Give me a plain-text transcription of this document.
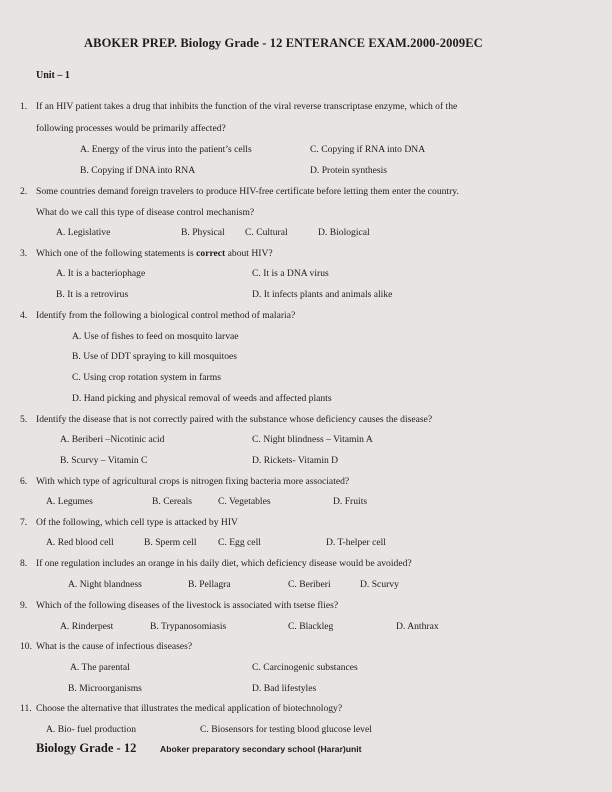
ABOKER PREP. Biology Grade - 12 ENTERANCE EXAM.2000-2009EC
Unit – 1
1. If an HIV patient takes a drug that inhibits the function of the viral reverse transcriptase enzyme, which of the
following processes would be primarily affected?
A. Energy of the virus into the patient’s cells	C. Copying if RNA into DNA
B. Copying if DNA into RNA	D. Protein synthesis
2. Some countries demand foreign travelers to produce HIV-free certificate before letting them enter the country.
What do we call this type of disease control mechanism?
A. Legislative	B. Physical C. Cultural	D. Biological
3. Which one of the following statements is correct about HIV?
A. It is a bacteriophage	C. It is a DNA virus
B. It is a retrovirus	D. It infects plants and animals alike
4. Identify from the following a biological control method of malaria?
A. Use of fishes to feed on mosquito larvae
B. Use of DDT spraying to kill mosquitoes
C. Using crop rotation system in farms
D. Hand picking and physical removal of weeds and affected plants
5. Identify the disease that is not correctly paired with the substance whose deficiency causes the disease?
A. Beriberi –Nicotinic acid	C. Night blindness – Vitamin A
B. Scurvy – Vitamin C	D. Rickets- Vitamin D
6. With which type of agricultural crops is nitrogen fixing bacteria more associated?
A. Legumes	B. Cereals	C. Vegetables	D. Fruits
7. Of the following, which cell type is attacked by HIV
A. Red blood cell	B. Sperm cell C. Egg cell	D. T-helper cell
8. If one regulation includes an orange in his daily diet, which deficiency disease would be avoided?
A. Night blandness	B. Pellagra	C. Beriberi	D. Scurvy
9. Which of the following diseases of the livestock is associated with tsetse flies?
A. Rinderpest	B. Trypanosomiasis	C. Blackleg	D. Anthrax
10. What is the cause of infectious diseases?
A. The parental	C. Carcinogenic substances
B. Microorganisms	D. Bad lifestyles
11. Choose the alternative that illustrates the medical application of biotechnology?
A. Bio- fuel production	C. Biosensors for testing blood glucose level
Biology Grade - 12	Aboker preparatory secondary school (Harar)unit
